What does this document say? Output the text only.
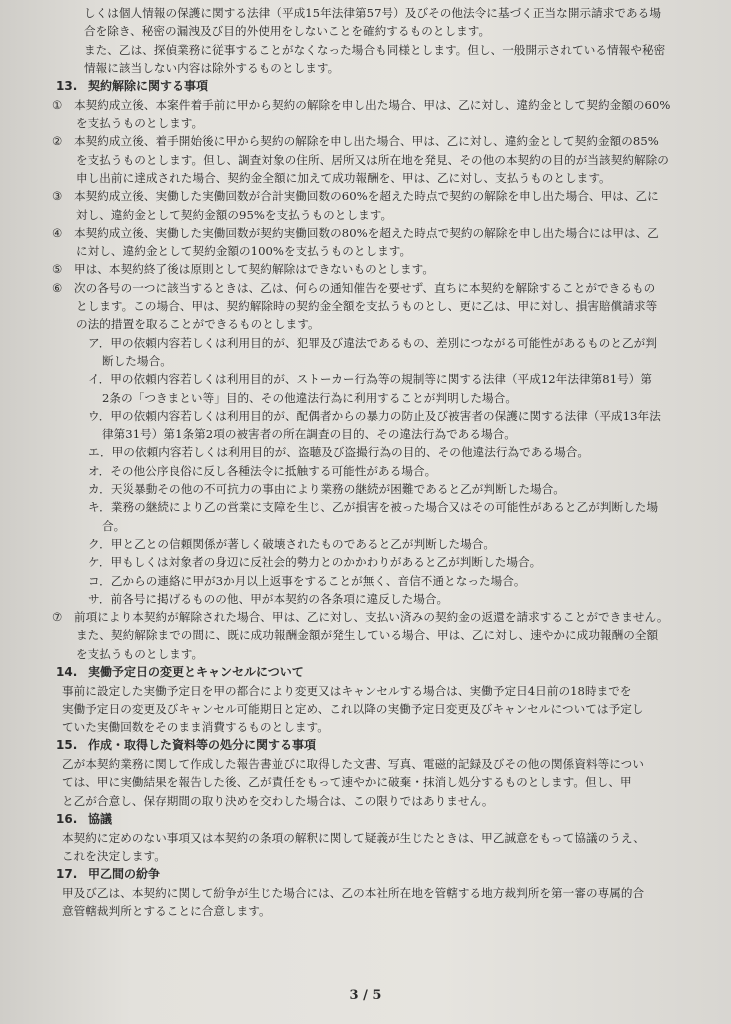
しくは個人情報の保護に関する法律（平成15年法律第57号）及びその他法令に基づく正当な開示請求である場
合を除き、秘密の漏洩及び目的外使用をしないことを確約するものとします。
また、乙は、探偵業務に従事することがなくなった場合も同様とします。但し、一般開示されている情報や秘密
情報に該当しない内容は除外するものとします。
13. 契約解除に関する事項
① 本契約成立後、本案件着手前に甲から契約の解除を申し出た場合、甲は、乙に対し、違約金として契約金額の60%
を支払うものとします。
② 本契約成立後、着手開始後に甲から契約の解除を申し出た場合、甲は、乙に対し、違約金として契約金額の85%
を支払うものとします。但し、調査対象の住所、居所又は所在地を発見、その他の本契約の目的が当該契約解除の
申し出前に達成された場合、契約金全額に加えて成功報酬を、甲は、乙に対し、支払うものとします。
③ 本契約成立後、実働した実働回数が合計実働回数の60%を超えた時点で契約の解除を申し出た場合、甲は、乙に
対し、違約金として契約金額の95%を支払うものとします。
④ 本契約成立後、実働した実働回数が契約実働回数の80%を超えた時点で契約の解除を申し出た場合には甲は、乙
に対し、違約金として契約金額の100%を支払うものとします。
⑤ 甲は、本契約終了後は原則として契約解除はできないものとします。
⑥ 次の各号の一つに該当するときは、乙は、何らの通知催告を要せず、直ちに本契約を解除することができるもの
とします。この場合、甲は、契約解除時の契約金全額を支払うものとし、更に乙は、甲に対し、損害賠償請求等
の法的措置を取ることができるものとします。
ア．甲の依頼内容若しくは利用目的が、犯罪及び違法であるもの、差別につながる可能性があるものと乙が判
断した場合。
イ．甲の依頼内容若しくは利用目的が、ストーカー行為等の規制等に関する法律（平成12年法律第81号）第
2条の「つきまとい等」目的、その他違法行為に利用することが判明した場合。
ウ．甲の依頼内容若しくは利用目的が、配偶者からの暴力の防止及び被害者の保護に関する法律（平成13年法
律第31号）第1条第2項の被害者の所在調査の目的、その違法行為である場合。
エ．甲の依頼内容若しくは利用目的が、盗聴及び盗撮行為の目的、その他違法行為である場合。
オ．その他公序良俗に反し各種法令に抵触する可能性がある場合。
カ．天災暴動その他の不可抗力の事由により業務の継続が困難であると乙が判断した場合。
キ．業務の継続により乙の営業に支障を生じ、乙が損害を被った場合又はその可能性があると乙が判断した場
合。
ク．甲と乙との信頼関係が著しく破壊されたものであると乙が判断した場合。
ケ．甲もしくは対象者の身辺に反社会的勢力とのかかわりがあると乙が判断した場合。
コ．乙からの連絡に甲が3か月以上返事をすることが無く、音信不通となった場合。
サ．前各号に掲げるものの他、甲が本契約の各条項に違反した場合。
⑦ 前項により本契約が解除された場合、甲は、乙に対し、支払い済みの契約金の返還を請求することができません。
また、契約解除までの間に、既に成功報酬金額が発生している場合、甲は、乙に対し、速やかに成功報酬の全額
を支払うものとします。
14. 実働予定日の変更とキャンセルについて
事前に設定した実働予定日を甲の都合により変更又はキャンセルする場合は、実働予定日4日前の18時までを
実働予定日の変更及びキャンセル可能期日と定め、これ以降の実働予定日変更及びキャンセルについては予定し
ていた実働回数をそのまま消費するものとします。
15. 作成・取得した資料等の処分に関する事項
乙が本契約業務に関して作成した報告書並びに取得した文書、写真、電磁的記録及びその他の関係資料等につい
ては、甲に実働結果を報告した後、乙が責任をもって速やかに破棄・抹消し処分するものとします。但し、甲
と乙が合意し、保存期間の取り決めを交わした場合は、この限りではありません。
16. 協議
本契約に定めのない事項又は本契約の条項の解釈に関して疑義が生じたときは、甲乙誠意をもって協議のうえ、
これを決定します。
17. 甲乙間の紛争
甲及び乙は、本契約に関して紛争が生じた場合には、乙の本社所在地を管轄する地方裁判所を第一審の専属的合
意管轄裁判所とすることに合意します。
3 / 5
